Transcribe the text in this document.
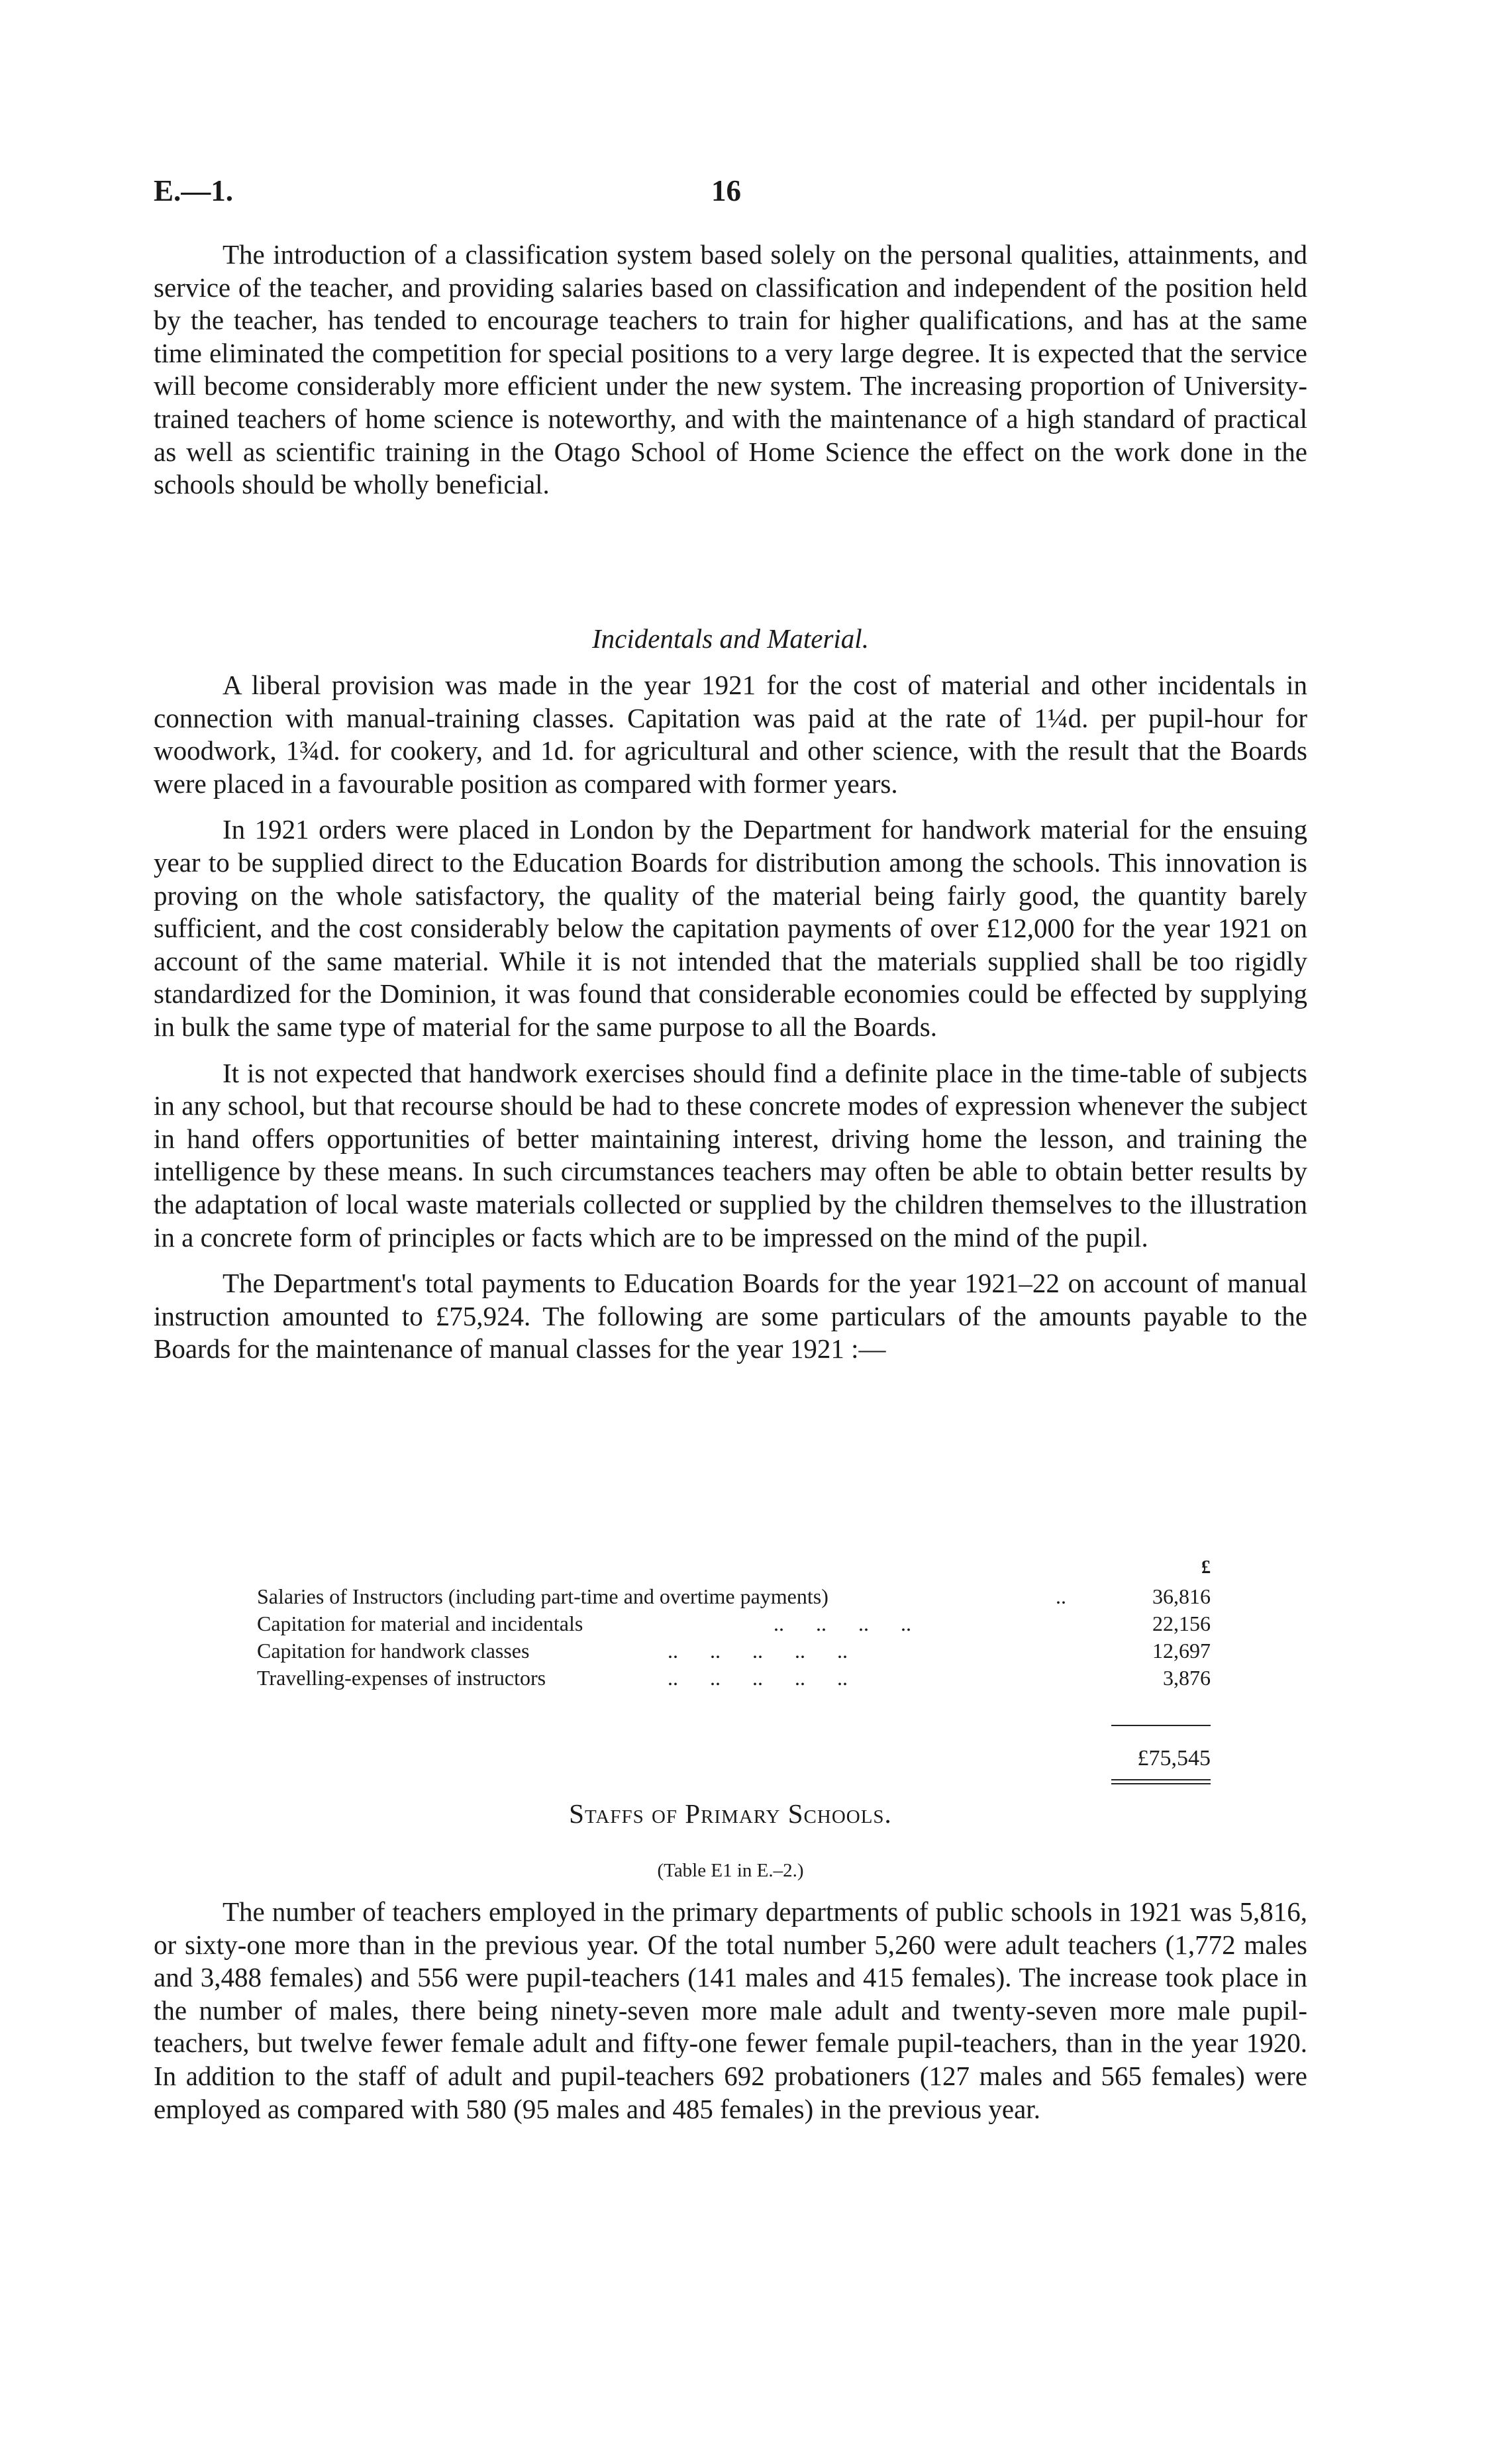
E.—1.	16

The introduction of a classification system based solely on the personal qualities, attainments, and service of the teacher, and providing salaries based on classification and independent of the position held by the teacher, has tended to encourage teachers to train for higher qualifications, and has at the same time eliminated the competition for special positions to a very large degree. It is expected that the service will become considerably more efficient under the new system. The increasing proportion of University-trained teachers of home science is noteworthy, and with the maintenance of a high standard of practical as well as scientific training in the Otago School of Home Science the effect on the work done in the schools should be wholly beneficial.

Incidentals and Material.

A liberal provision was made in the year 1921 for the cost of material and other incidentals in connection with manual-training classes. Capitation was paid at the rate of 1¼d. per pupil-hour for woodwork, 1¾d. for cookery, and 1d. for agricultural and other science, with the result that the Boards were placed in a favourable position as compared with former years.

In 1921 orders were placed in London by the Department for handwork material for the ensuing year to be supplied direct to the Education Boards for distribution among the schools. This innovation is proving on the whole satisfactory, the quality of the material being fairly good, the quantity barely sufficient, and the cost considerably below the capitation payments of over £12,000 for the year 1921 on account of the same material. While it is not intended that the materials supplied shall be too rigidly standardized for the Dominion, it was found that considerable economies could be effected by supplying in bulk the same type of material for the same purpose to all the Boards.

It is not expected that handwork exercises should find a definite place in the time-table of subjects in any school, but that recourse should be had to these concrete modes of expression whenever the subject in hand offers opportunities of better maintaining interest, driving home the lesson, and training the intelligence by these means. In such circumstances teachers may often be able to obtain better results by the adaptation of local waste materials collected or supplied by the children themselves to the illustration in a concrete form of principles or facts which are to be impressed on the mind of the pupil.

The Department's total payments to Education Boards for the year 1921–22 on account of manual instruction amounted to £75,924. The following are some particulars of the amounts payable to the Boards for the maintenance of manual classes for the year 1921 :—

£
Salaries of Instructors (including part-time and overtime payments)	..	36,816
Capitation for material and incidentals	..      ..      ..      ..	22,156
Capitation for handwork classes	..      ..      ..      ..      ..	12,697
Travelling-expenses of instructors	..      ..      ..      ..      ..	3,876
£75,545
Staffs of Primary Schools.
(Table E1 in E.–2.)

The number of teachers employed in the primary departments of public schools in 1921 was 5,816, or sixty-one more than in the previous year. Of the total number 5,260 were adult teachers (1,772 males and 3,488 females) and 556 were pupil-teachers (141 males and 415 females). The increase took place in the number of males, there being ninety-seven more male adult and twenty-seven more male pupil-teachers, but twelve fewer female adult and fifty-one fewer female pupil-teachers, than in the year 1920. In addition to the staff of adult and pupil-teachers 692 probationers (127 males and 565 females) were employed as compared with 580 (95 males and 485 females) in the previous year.
